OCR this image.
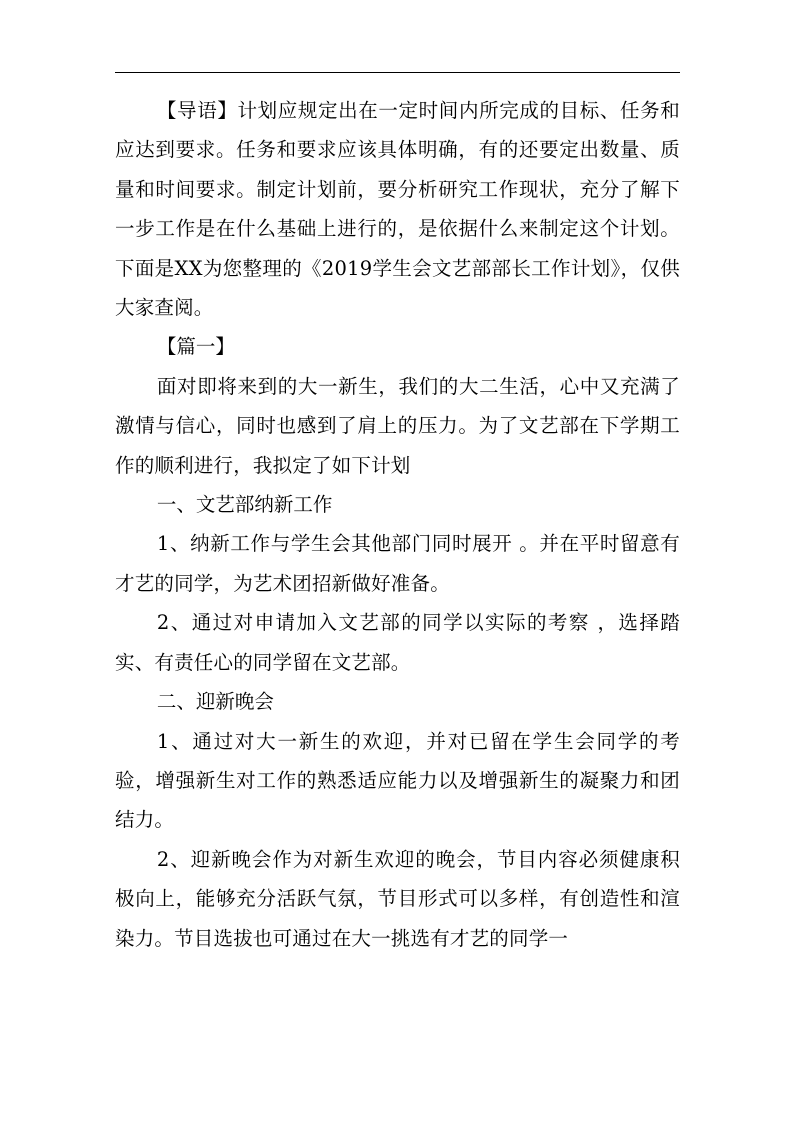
【导语】计划应规定出在一定时间内所完成的目标、任务和应达到要求。任务和要求应该具体明确，有的还要定出数量、质量和时间要求。制定计划前，要分析研究工作现状，充分了解下一步工作是在什么基础上进行的，是依据什么来制定这个计划。下面是XX为您整理的《2019学生会文艺部部长工作计划》，仅供大家查阅。

【篇一】

面对即将来到的大一新生，我们的大二生活，心中又充满了激情与信心，同时也感到了肩上的压力。为了文艺部在下学期工作的顺利进行，我拟定了如下计划

一、文艺部纳新工作

1、纳新工作与学生会其他部门同时展开 。并在平时留意有才艺的同学，为艺术团招新做好准备。

2、通过对申请加入文艺部的同学以实际的考察 ，选择踏实、有责任心的同学留在文艺部。

二、迎新晚会

1、通过对大一新生的欢迎，并对已留在学生会同学的考验，增强新生对工作的熟悉适应能力以及增强新生的凝聚力和团结力。

2、迎新晚会作为对新生欢迎的晚会，节目内容必须健康积极向上，能够充分活跃气氛，节目形式可以多样，有创造性和渲染力。节目选拔也可通过在大一挑选有才艺的同学一
